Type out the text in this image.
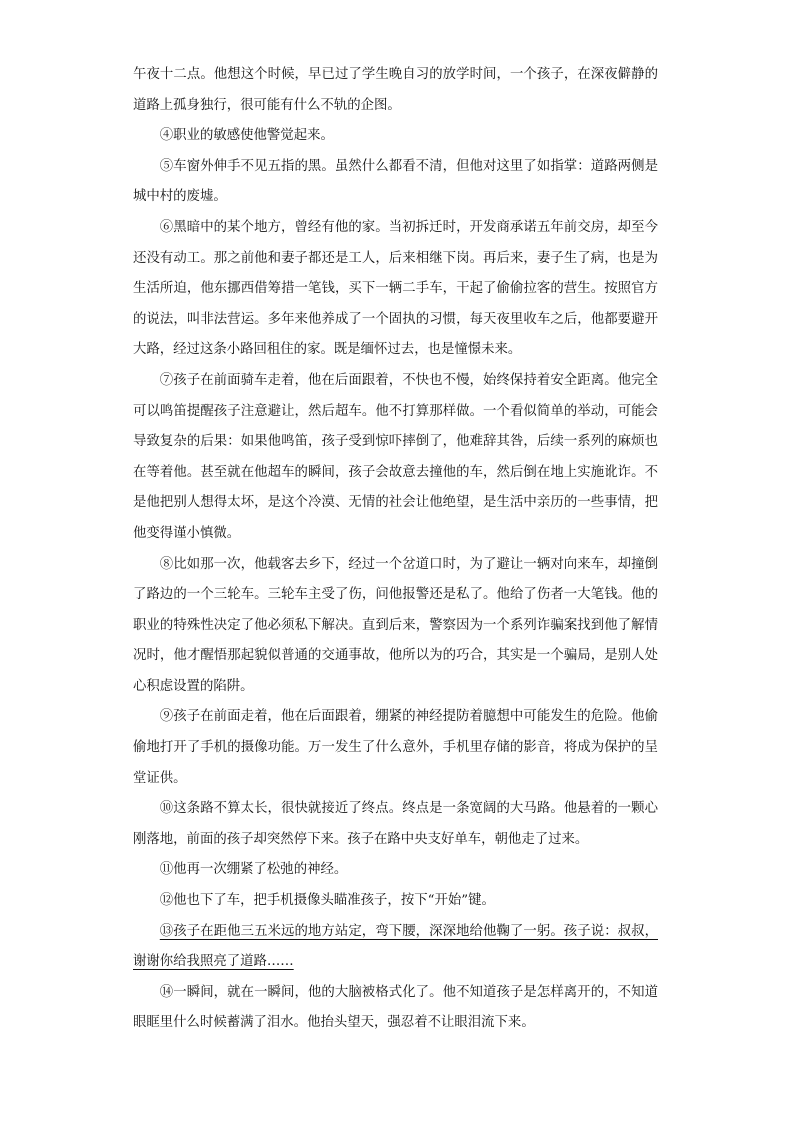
午夜十二点。他想这个时候，早已过了学生晚自习的放学时间，一个孩子，在深夜僻静的道路上孤身独行，很可能有什么不轨的企图。

④职业的敏感使他警觉起来。

⑤车窗外伸手不见五指的黑。虽然什么都看不清，但他对这里了如指掌：道路两侧是城中村的废墟。

⑥黑暗中的某个地方，曾经有他的家。当初拆迁时，开发商承诺五年前交房，却至今还没有动工。那之前他和妻子都还是工人，后来相继下岗。再后来，妻子生了病，也是为生活所迫，他东挪西借筹措一笔钱，买下一辆二手车，干起了偷偷拉客的营生。按照官方的说法，叫非法营运。多年来他养成了一个固执的习惯，每天夜里收车之后，他都要避开大路，经过这条小路回租住的家。既是缅怀过去，也是憧憬未来。

⑦孩子在前面骑车走着，他在后面跟着，不快也不慢，始终保持着安全距离。他完全可以鸣笛提醒孩子注意避让，然后超车。他不打算那样做。一个看似简单的举动，可能会导致复杂的后果：如果他鸣笛，孩子受到惊吓摔倒了，他难辞其咎，后续一系列的麻烦也在等着他。甚至就在他超车的瞬间，孩子会故意去撞他的车，然后倒在地上实施讹诈。不是他把别人想得太坏，是这个冷漠、无情的社会让他绝望，是生活中亲历的一些事情，把他变得谨小慎微。

⑧比如那一次，他载客去乡下，经过一个岔道口时，为了避让一辆对向来车，却撞倒了路边的一个三轮车。三轮车主受了伤，问他报警还是私了。他给了伤者一大笔钱。他的职业的特殊性决定了他必须私下解决。直到后来，警察因为一个系列诈骗案找到他了解情况时，他才醒悟那起貌似普通的交通事故，他所以为的巧合，其实是一个骗局，是别人处心积虑设置的陷阱。

⑨孩子在前面走着，他在后面跟着，绷紧的神经提防着臆想中可能发生的危险。他偷偷地打开了手机的摄像功能。万一发生了什么意外，手机里存储的影音，将成为保护的呈堂证供。

⑩这条路不算太长，很快就接近了终点。终点是一条宽阔的大马路。他悬着的一颗心刚落地，前面的孩子却突然停下来。孩子在路中央支好单车，朝他走了过来。

⑪他再一次绷紧了松弛的神经。

⑫他也下了车，把手机摄像头瞄准孩子，按下“开始”键。

⑬孩子在距他三五米远的地方站定，弯下腰，深深地给他鞠了一躬。孩子说：叔叔，谢谢你给我照亮了道路……

⑭一瞬间，就在一瞬间，他的大脑被格式化了。他不知道孩子是怎样离开的，不知道眼眶里什么时候蓄满了泪水。他抬头望天，强忍着不让眼泪流下来。
